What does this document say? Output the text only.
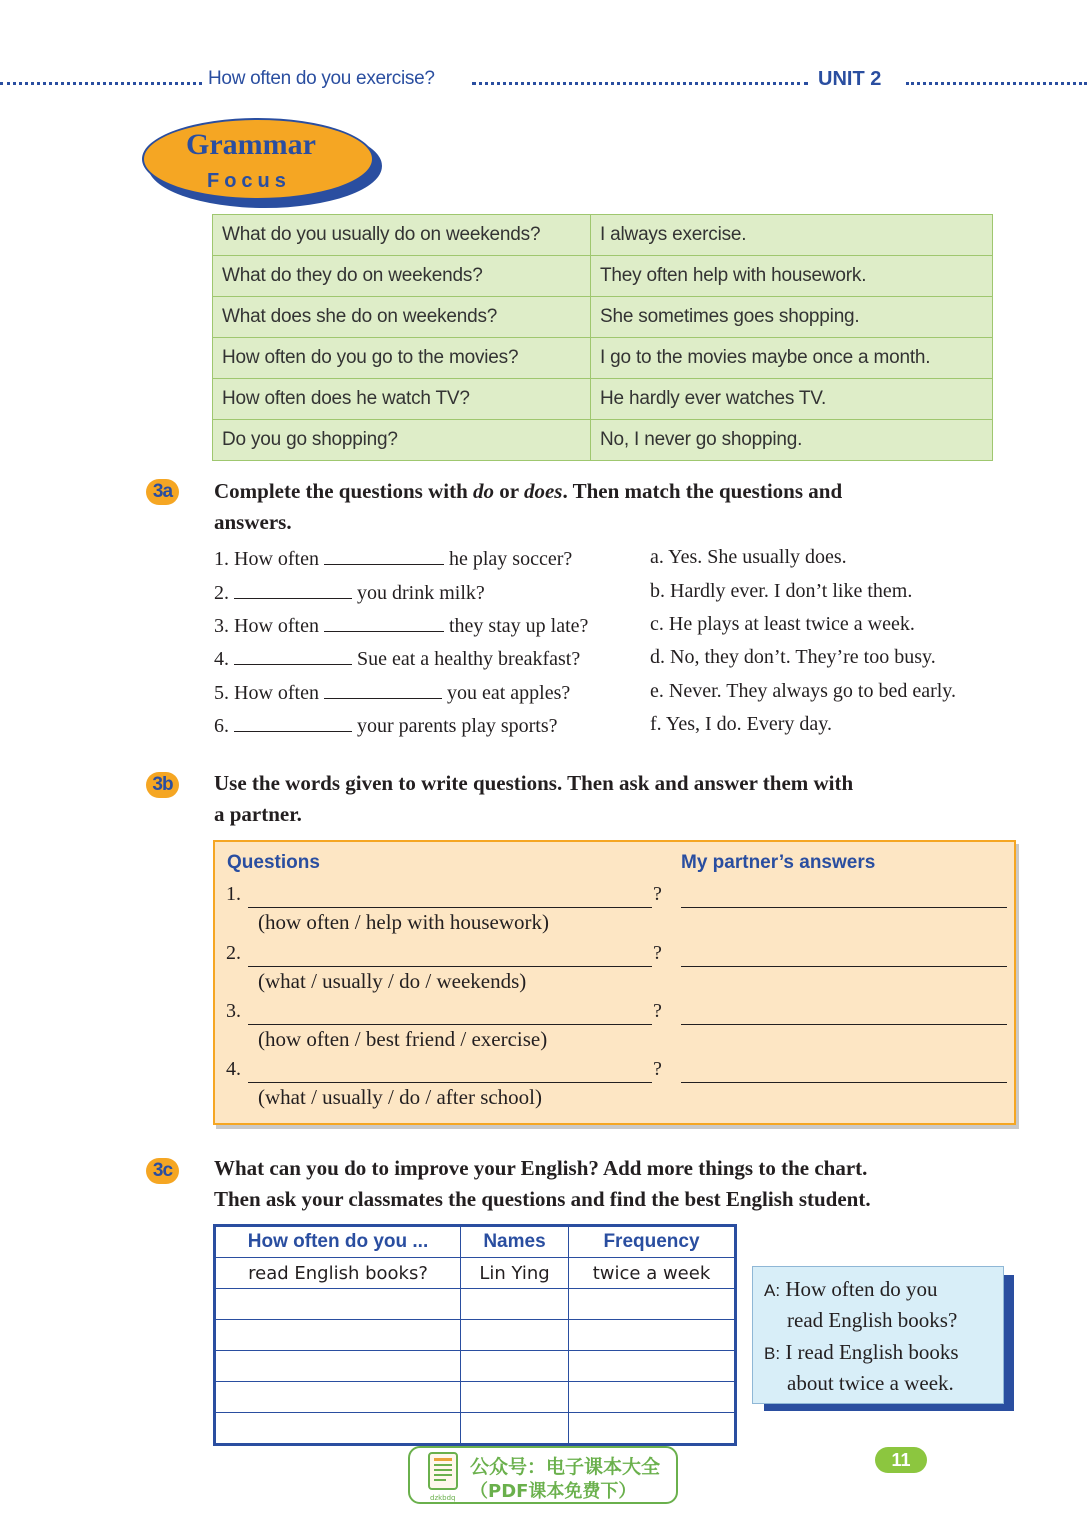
How often do you exercise?	UNIT 2
Grammar
Focus
What do you usually do on weekends?	I always exercise.
What do they do on weekends?	They often help with housework.
What does she do on weekends?	She sometimes goes shopping.
How often do you go to the movies?	I go to the movies maybe once a month.
How often does he watch TV?	He hardly ever watches TV.
Do you go shopping?	No, I never go shopping.
3a	Complete the questions with do or does. Then match the questions and
answers.
1. How often	he play soccer?
2.	you drink milk?
3. How often	they stay up late?
4.	Sue eat a healthy breakfast?
5. How often	you eat apples?
6.	your parents play sports?
a. Yes. She usually does.
b. Hardly ever. I don’t like them.
c. He plays at least twice a week.
d. No, they don’t. They’re too busy.
e. Never. They always go to bed early.
f. Yes, I do. Every day.
3b	Use the words given to write questions. Then ask and answer them with
a partner.
Questions	My partner’s answers
1.	?
(how often / help with housework)
2.	?
(what / usually / do / weekends)
3.	?
(how often / best friend / exercise)
4.	?
(what / usually / do / after school)
3c	What can you do to improve your English? Add more things to the chart.
Then ask your classmates the questions and find the best English student.
How often do you ...	Names	Frequency
read English books?	Lin Ying	twice a week

A: How often do you
read English books?
B: I read English books
about twice a week.
公众号：电子课本大全
（PDF课本免费下）
dzkbdq
11
